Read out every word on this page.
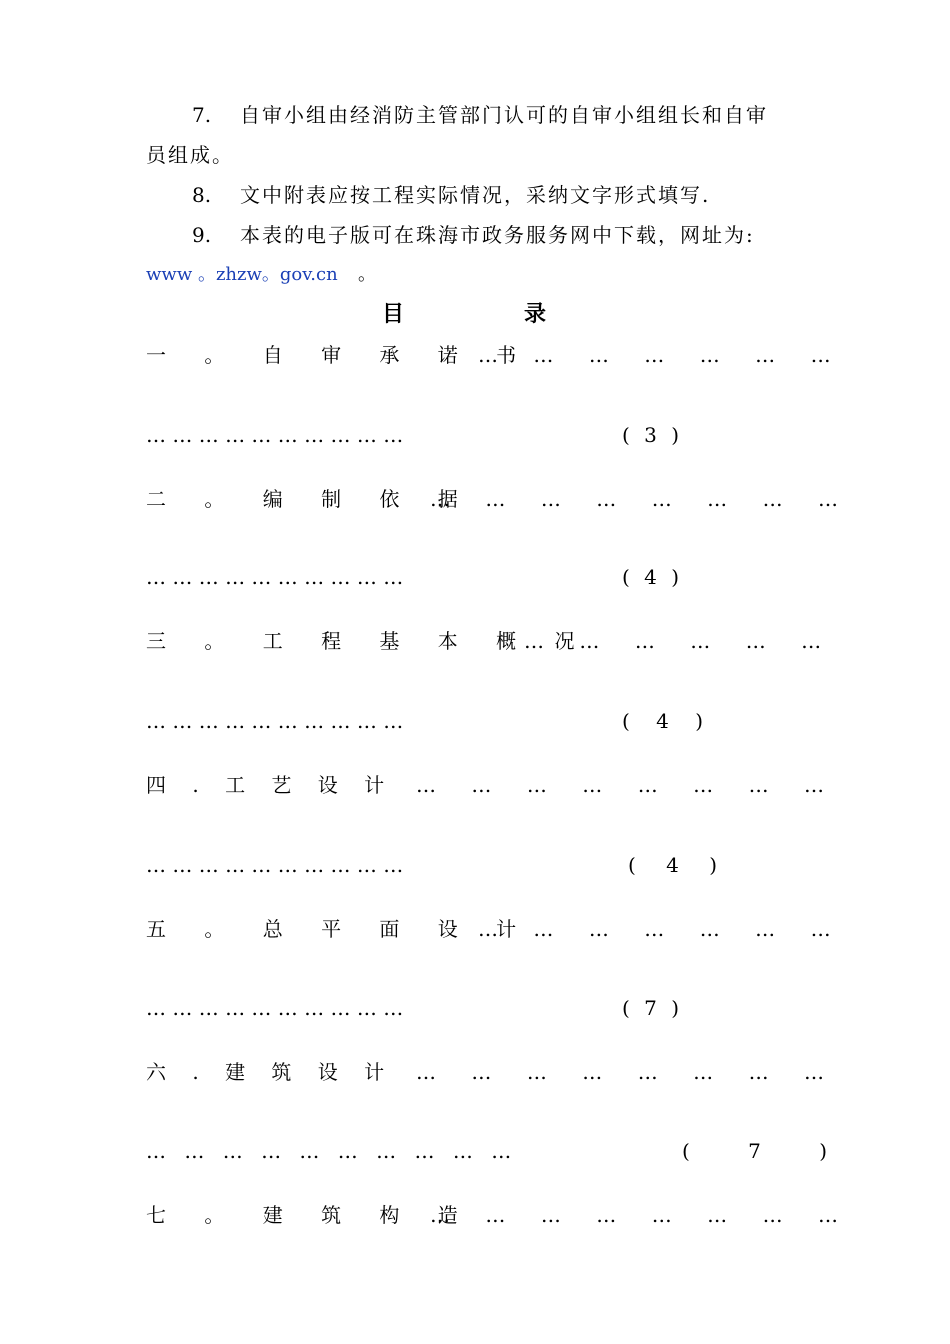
7. 自审小组由经消防主管部门认可的自审小组组长和自审
员组成。
8. 文中附表应按工程实际情况，采纳文字形式填写.
9. 本表的电子版可在珠海市政务服务网中下载，网址为:
www 。zhzw。gov.cn 。
目	录
一 。 自 审 承 诺 书
…    …    …    …    …    …    …
… … … … … … … … … …	( 3 )
二 。 编 制 依 据
…    …    …    …    …    …    …    …
… … … … … … … … … …	( 4 )
三 。 工 程 基 本 概 况
…    …    …    …    …    …
… … … … … … … … … …	( 4 )
四 . 工 艺 设 计 …    …    …    …    …    …    …    …
… … … … … … … … … …	( 4 )
五 。 总 平 面 设 计
…    …    …    …    …    …    …
… … … … … … … … … …	( 7 )
六 . 建 筑 设 计 …    …    …    …    …    …    …    …
… … … … … … … … … …	( 7 )
七 。 建 筑 构 造
…    …    …    …    …    …    …    …
